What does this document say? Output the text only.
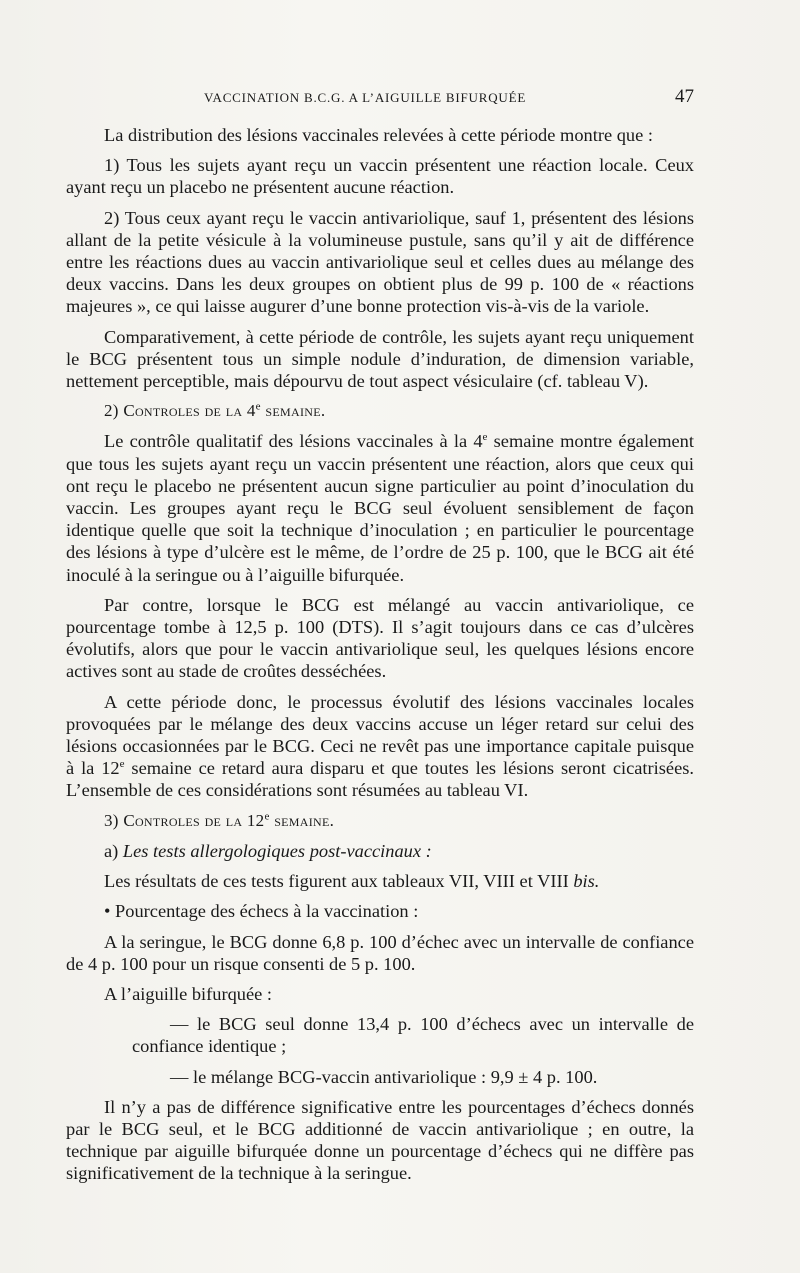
VACCINATION B.C.G. A L’AIGUILLE BIFURQUÉE	47

La distribution des lésions vaccinales relevées à cette période montre que :

1) Tous les sujets ayant reçu un vaccin présentent une réaction locale. Ceux ayant reçu un placebo ne présentent aucune réaction.

2) Tous ceux ayant reçu le vaccin antivariolique, sauf 1, présentent des lésions allant de la petite vésicule à la volumineuse pustule, sans qu’il y ait de différence entre les réactions dues au vaccin antivariolique seul et celles dues au mélange des deux vaccins. Dans les deux groupes on obtient plus de 99 p. 100 de « réactions majeures », ce qui laisse augurer d’une bonne protection vis-à-vis de la variole.

Comparativement, à cette période de contrôle, les sujets ayant reçu uniquement le BCG présentent tous un simple nodule d’induration, de dimension variable, nettement perceptible, mais dépourvu de tout aspect vésiculaire (cf. tableau V).

2) Controles de la 4e semaine.

Le contrôle qualitatif des lésions vaccinales à la 4e semaine montre également que tous les sujets ayant reçu un vaccin présentent une réaction, alors que ceux qui ont reçu le placebo ne présentent aucun signe particulier au point d’inoculation du vaccin. Les groupes ayant reçu le BCG seul évoluent sensiblement de façon identique quelle que soit la technique d’inoculation ; en particulier le pourcentage des lésions à type d’ulcère est le même, de l’ordre de 25 p. 100, que le BCG ait été inoculé à la seringue ou à l’aiguille bifurquée.

Par contre, lorsque le BCG est mélangé au vaccin antivariolique, ce pourcentage tombe à 12,5 p. 100 (DTS). Il s’agit toujours dans ce cas d’ulcères évolutifs, alors que pour le vaccin antivariolique seul, les quelques lésions encore actives sont au stade de croûtes desséchées.

A cette période donc, le processus évolutif des lésions vaccinales locales provoquées par le mélange des deux vaccins accuse un léger retard sur celui des lésions occasionnées par le BCG. Ceci ne revêt pas une importance capitale puisque à la 12e semaine ce retard aura disparu et que toutes les lésions seront cicatrisées. L’ensemble de ces considérations sont résumées au tableau VI.

3) Controles de la 12e semaine.

a) Les tests allergologiques post-vaccinaux :

Les résultats de ces tests figurent aux tableaux VII, VIII et VIII bis.

• Pourcentage des échecs à la vaccination :

A la seringue, le BCG donne 6,8 p. 100 d’échec avec un intervalle de confiance de 4 p. 100 pour un risque consenti de 5 p. 100.

A l’aiguille bifurquée :

— le BCG seul donne 13,4 p. 100 d’échecs avec un intervalle de confiance identique ;

— le mélange BCG-vaccin antivariolique : 9,9 ± 4 p. 100.

Il n’y a pas de différence significative entre les pourcentages d’échecs donnés par le BCG seul, et le BCG additionné de vaccin antivariolique ; en outre, la technique par aiguille bifurquée donne un pourcentage d’échecs qui ne diffère pas significativement de la technique à la seringue.
